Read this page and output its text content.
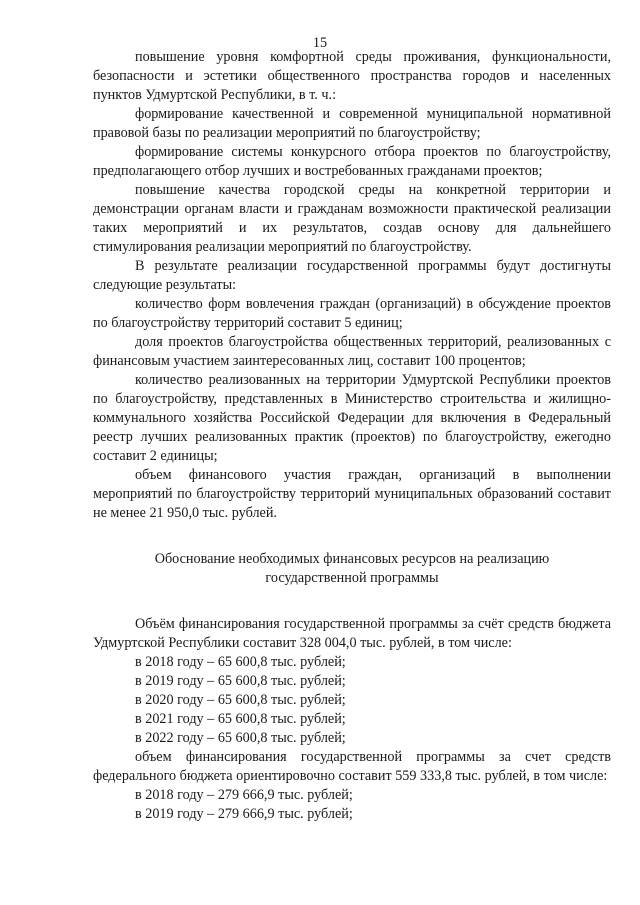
15

повышение уровня комфортной среды проживания, функциональности, безопасности и эстетики общественного пространства городов и населенных пунктов Удмуртской Республики, в т. ч.:

формирование качественной и современной муниципальной нормативной правовой базы по реализации мероприятий по благоустройству;

формирование системы конкурсного отбора проектов по благоустройству, предполагающего отбор лучших и востребованных гражданами проектов;

повышение качества городской среды на конкретной территории и демонстрации органам власти и гражданам возможности практической реализации таких мероприятий и их результатов, создав основу для дальнейшего стимулирования реализации мероприятий по благоустройству.

В результате реализации государственной программы будут достигнуты следующие результаты:

количество форм вовлечения граждан (организаций) в обсуждение проектов по благоустройству территорий составит 5 единиц;

доля проектов благоустройства общественных территорий, реализованных с финансовым участием заинтересованных лиц, составит 100 процентов;

количество реализованных на территории Удмуртской Республики проектов по благоустройству, представленных в Министерство строительства и жилищно-коммунального хозяйства Российской Федерации для включения в Федеральный реестр лучших реализованных практик (проектов) по благоустройству, ежегодно составит 2 единицы;

объем финансового участия граждан, организаций в выполнении мероприятий по благоустройству территорий муниципальных образований составит не менее 21 950,0 тыс. рублей.

Обоснование необходимых финансовых ресурсов на реализацию
государственной программы

Объём финансирования государственной программы за счёт средств бюджета Удмуртской Республики составит 328 004,0 тыс. рублей, в том числе:

в 2018 году – 65 600,8 тыс. рублей;

в 2019 году – 65 600,8 тыс. рублей;

в 2020 году – 65 600,8 тыс. рублей;

в 2021 году – 65 600,8 тыс. рублей;

в 2022 году – 65 600,8 тыс. рублей;

объем финансирования государственной программы за счет средств федерального бюджета ориентировочно составит 559 333,8 тыс. рублей, в том числе:

в 2018 году – 279 666,9 тыс. рублей;

в 2019 году – 279 666,9 тыс. рублей;
